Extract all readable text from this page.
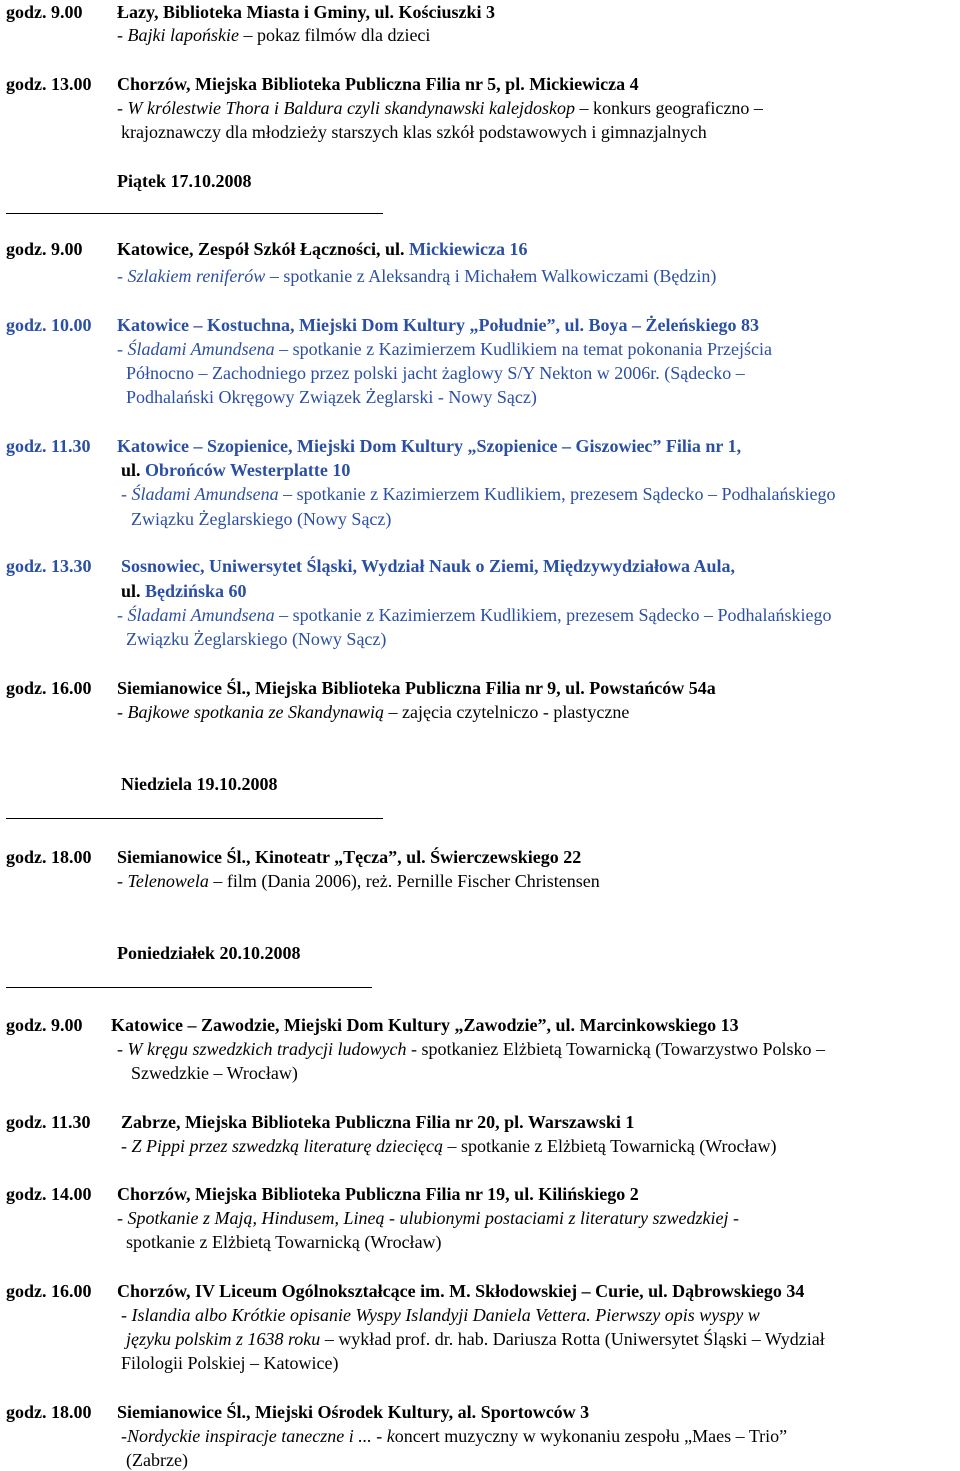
godz. 9.00 Łazy, Biblioteka Miasta i Gminy, ul. Kościuszki 3
- Bajki lapońskie – pokaz filmów dla dzieci
godz. 13.00 Chorzów, Miejska Biblioteka Publiczna Filia nr 5, pl. Mickiewicza 4
- W królestwie Thora i Baldura czyli skandynawski kalejdoskop – konkurs geograficzno –
krajoznawczy dla młodzieży starszych klas szkół podstawowych i gimnazjalnych
Piątek 17.10.2008
godz. 9.00 Katowice, Zespół Szkół Łączności, ul. Mickiewicza 16
- Szlakiem reniferów – spotkanie z Aleksandrą i Michałem Walkowiczami (Będzin)
godz. 10.00 Katowice – Kostuchna, Miejski Dom Kultury „Południe”, ul. Boya – Żeleńskiego 83
- Śladami Amundsena – spotkanie z Kazimierzem Kudlikiem na temat pokonania Przejścia
Północno – Zachodniego przez polski jacht żaglowy S/Y Nekton w 2006r. (Sądecko –
Podhalański Okręgowy Związek Żeglarski - Nowy Sącz)
godz. 11.30 Katowice – Szopienice, Miejski Dom Kultury „Szopienice – Giszowiec” Filia nr 1,
ul. Obrońców Westerplatte 10
- Śladami Amundsena – spotkanie z Kazimierzem Kudlikiem, prezesem Sądecko – Podhalańskiego
Związku Żeglarskiego (Nowy Sącz)
godz. 13.30 Sosnowiec, Uniwersytet Śląski, Wydział Nauk o Ziemi, Międzywydziałowa Aula,
ul. Będzińska 60
- Śladami Amundsena – spotkanie z Kazimierzem Kudlikiem, prezesem Sądecko – Podhalańskiego
Związku Żeglarskiego (Nowy Sącz)
godz. 16.00 Siemianowice Śl., Miejska Biblioteka Publiczna Filia nr 9, ul. Powstańców 54a
- Bajkowe spotkania ze Skandynawią – zajęcia czytelniczo - plastyczne
Niedziela 19.10.2008
godz. 18.00 Siemianowice Śl., Kinoteatr „Tęcza”, ul. Świerczewskiego 22
- Telenowela – film (Dania 2006), reż. Pernille Fischer Christensen
Poniedziałek 20.10.2008
godz. 9.00 Katowice – Zawodzie, Miejski Dom Kultury „Zawodzie”, ul. Marcinkowskiego 13
- W kręgu szwedzkich tradycji ludowych - spotkaniez Elżbietą Towarnicką (Towarzystwo Polsko –
Szwedzkie – Wrocław)
godz. 11.30 Zabrze, Miejska Biblioteka Publiczna Filia nr 20, pl. Warszawski 1
- Z Pippi przez szwedzką literaturę dziecięcą – spotkanie z Elżbietą Towarnicką (Wrocław)
godz. 14.00 Chorzów, Miejska Biblioteka Publiczna Filia nr 19, ul. Kilińskiego 2
- Spotkanie z Mają, Hindusem, Lineą - ulubionymi postaciami z literatury szwedzkiej -
spotkanie z Elżbietą Towarnicką (Wrocław)
godz. 16.00 Chorzów, IV Liceum Ogólnokształcące im. M. Skłodowskiej – Curie, ul. Dąbrowskiego 34
- Islandia albo Krótkie opisanie Wyspy Islandyji Daniela Vettera. Pierwszy opis wyspy w
języku polskim z 1638 roku – wykład prof. dr. hab. Dariusza Rotta (Uniwersytet Śląski – Wydział
Filologii Polskiej – Katowice)
godz. 18.00 Siemianowice Śl., Miejski Ośrodek Kultury, al. Sportowców 3
-Nordyckie inspiracje taneczne i ... - koncert muzyczny w wykonaniu zespołu „Maes – Trio”
(Zabrze)
